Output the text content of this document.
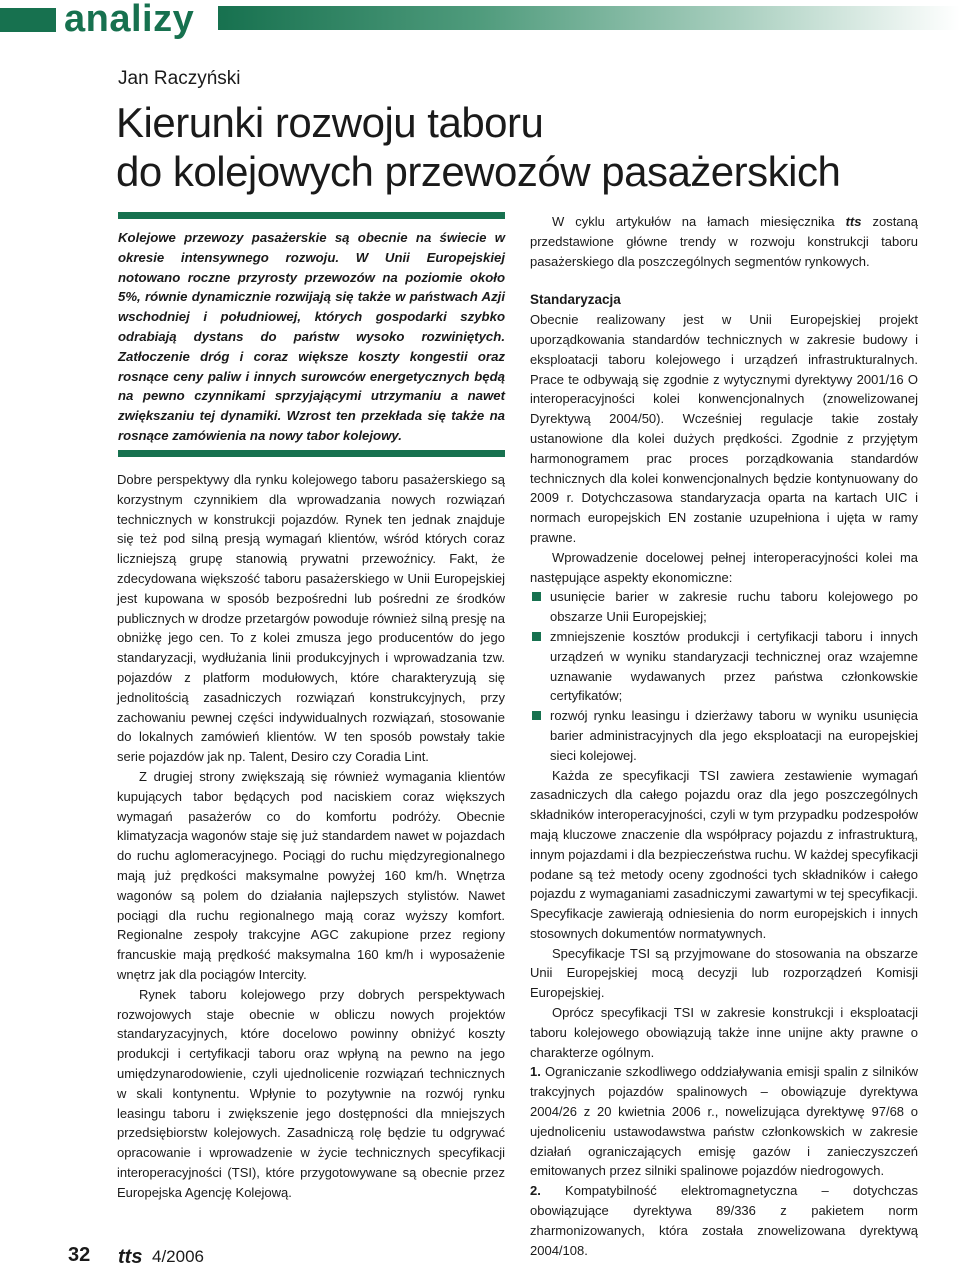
analizy
Jan Raczyński
Kierunki rozwoju taboru
do kolejowych przewozów pasażerskich
Kolejowe przewozy pasażerskie są obecnie na świecie w okresie intensywnego rozwoju. W Unii Europejskiej notowano roczne przyrosty przewozów na poziomie około 5%, równie dynamicznie rozwijają się także w państwach Azji wschodniej i południowej, których gospodarki szybko odrabiają dystans do państw wysoko rozwiniętych. Zatłoczenie dróg i coraz większe koszty kongestii oraz rosnące ceny paliw i innych surowców energetycznych będą na pewno czynnikami sprzyjającymi utrzymaniu a nawet zwiększaniu tej dynamiki. Wzrost ten przekłada się także na rosnące zamówienia na nowy tabor kolejowy.

Dobre perspektywy dla rynku kolejowego taboru pasażerskiego są korzystnym czynnikiem dla wprowadzania nowych rozwiązań technicznych w konstrukcji pojazdów. Rynek ten jednak znajduje się też pod silną presją wymagań klientów, wśród których coraz liczniejszą grupę stanowią prywatni przewoźnicy. Fakt, że zdecydowana większość taboru pasażerskiego w Unii Europejskiej jest kupowana w sposób bezpośredni lub pośredni ze środków publicznych w drodze przetargów powoduje również silną presję na obniżkę jego cen. To z kolei zmusza jego producentów do jego standaryzacji, wydłużania linii produkcyjnych i wprowadzania tzw. pojazdów z platform modułowych, które charakteryzują się jednolitością zasadniczych rozwiązań konstrukcyjnych, przy zachowaniu pewnej części indywidualnych rozwiązań, stosowanie do lokalnych zamówień klientów. W ten sposób powstały takie serie pojazdów jak np. Talent, Desiro czy Coradia Lint.

Z drugiej strony zwiększają się również wymagania klientów kupujących tabor będących pod naciskiem coraz większych wymagań pasażerów co do komfortu podróży. Obecnie klimatyzacja wagonów staje się już standardem nawet w pojazdach do ruchu aglomeracyjnego. Pociągi do ruchu międzyregionalnego mają już prędkości maksymalne powyżej 160 km/h. Wnętrza wagonów są polem do działania najlepszych stylistów. Nawet pociągi dla ruchu regionalnego mają coraz wyższy komfort. Regionalne zespoły trakcyjne AGC zakupione przez regiony francuskie mają prędkość maksymalna 160 km/h i wyposażenie wnętrz jak dla pociągów Intercity.

Rynek taboru kolejowego przy dobrych perspektywach rozwojowych staje obecnie w obliczu nowych projektów standaryzacyjnych, które docelowo powinny obniżyć koszty produkcji i certyfikacji taboru oraz wpłyną na pewno na jego umiędzynarodowienie, czyli ujednolicenie rozwiązań technicznych w skali kontynentu. Wpłynie to pozytywnie na rozwój rynku leasingu taboru i zwiększenie jego dostępności dla mniejszych przedsiębiorstw kolejowych. Zasadniczą rolę będzie tu odgrywać opracowanie i wprowadzenie w życie technicznych specyfikacji interoperacyjności (TSI), które przygotowywane są obecnie przez Europejska Agencję Kolejową.

W cyklu artykułów na łamach miesięcznika tts zostaną przedstawione główne trendy w rozwoju konstrukcji taboru pasażerskiego dla poszczególnych segmentów rynkowych.

Standaryzacja

Obecnie realizowany jest w Unii Europejskiej projekt uporządkowania standardów technicznych w zakresie budowy i eksploatacji taboru kolejowego i urządzeń infrastrukturalnych. Prace te odbywają się zgodnie z wytycznymi dyrektywy 2001/16 O interoperacyjności kolei konwencjonalnych (znowelizowanej Dyrektywą 2004/50). Wcześniej regulacje takie zostały ustanowione dla kolei dużych prędkości. Zgodnie z przyjętym harmonogramem prac proces porządkowania standardów technicznych dla kolei konwencjonalnych będzie kontynuowany do 2009 r. Dotychczasowa standaryzacja oparta na kartach UIC i normach europejskich EN zostanie uzupełniona i ujęta w ramy prawne.

Wprowadzenie docelowej pełnej interoperacyjności kolei ma następujące aspekty ekonomiczne:

usunięcie barier w zakresie ruchu taboru kolejowego po obszarze Unii Europejskiej;
zmniejszenie kosztów produkcji i certyfikacji taboru i innych urządzeń w wyniku standaryzacji technicznej oraz wzajemne uznawanie wydawanych przez państwa członkowskie certyfikatów;
rozwój rynku leasingu i dzierżawy taboru w wyniku usunięcia barier administracyjnych dla jego eksploatacji na europejskiej sieci kolejowej.

Każda ze specyfikacji TSI zawiera zestawienie wymagań zasadniczych dla całego pojazdu oraz dla jego poszczególnych składników interoperacyjności, czyli w tym przypadku podzespołów mają kluczowe znaczenie dla współpracy pojazdu z infrastrukturą, innym pojazdami i dla bezpieczeństwa ruchu. W każdej specyfikacji podane są też metody oceny zgodności tych składników i całego pojazdu z wymaganiami zasadniczymi zawartymi w tej specyfikacji. Specyfikacje zawierają odniesienia do norm europejskich i innych stosownych dokumentów normatywnych.

Specyfikacje TSI są przyjmowane do stosowania na obszarze Unii Europejskiej mocą decyzji lub rozporządzeń Komisji Europejskiej.

Oprócz specyfikacji TSI w zakresie konstrukcji i eksploatacji taboru kolejowego obowiązują także inne unijne akty prawne o charakterze ogólnym.

1. Ograniczanie szkodliwego oddziaływania emisji spalin z silników trakcyjnych pojazdów spalinowych – obowiązuje dyrektywa 2004/26 z 20 kwietnia 2006 r., nowelizująca dyrektywę 97/68 o ujednoliceniu ustawodawstwa państw członkowskich w zakresie działań ograniczających emisję gazów i zanieczyszczeń emitowanych przez silniki spalinowe pojazdów niedrogowych.

2. Kompatybilność elektromagnetyczna – dotychczas obowiązujące dyrektywa 89/336 z pakietem norm zharmonizowanych, która została znowelizowana dyrektywą 2004/108.

32 tts 4/2006
